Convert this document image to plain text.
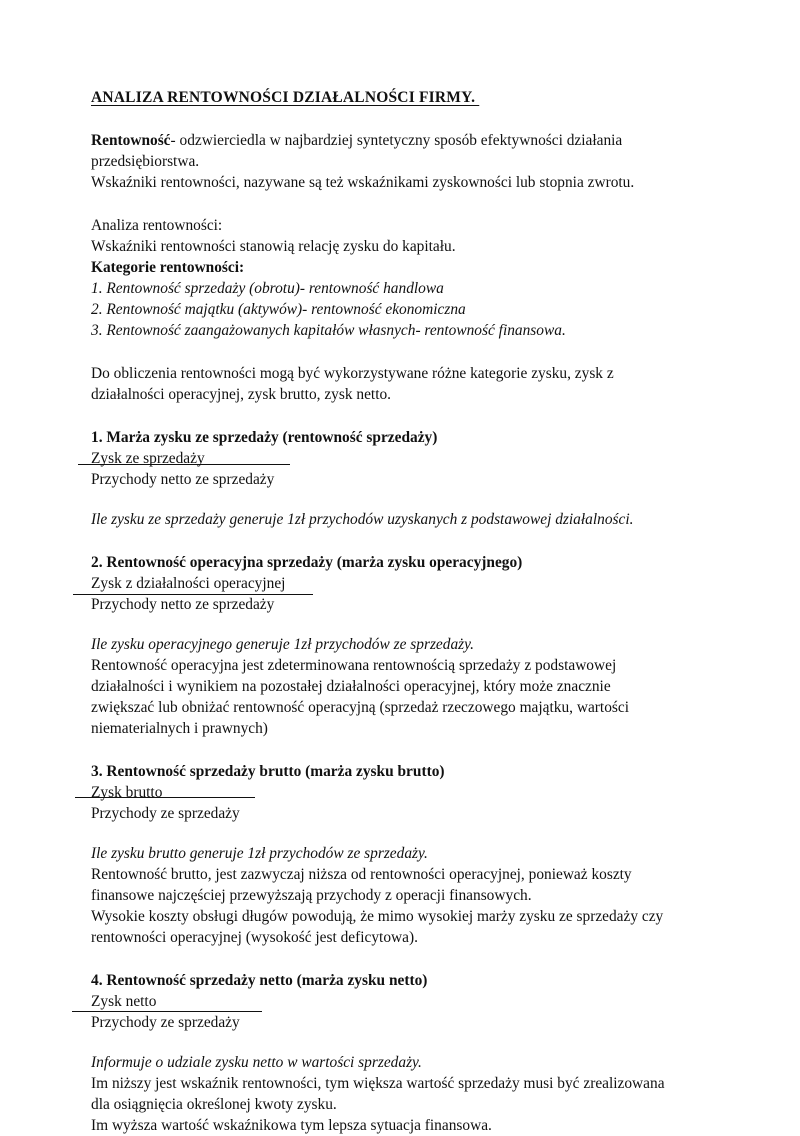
ANALIZA RENTOWNOŚCI DZIAŁALNOŚCI FIRMY.

Rentowność- odzwierciedla w najbardziej syntetyczny sposób efektywności działania

przedsiębiorstwa.

Wskaźniki rentowności, nazywane są też wskaźnikami zyskowności lub stopnia zwrotu.

Analiza rentowności:

Wskaźniki rentowności stanowią relację zysku do kapitału.

Kategorie rentowności:

1. Rentowność sprzedaży (obrotu)- rentowność handlowa

2. Rentowność majątku (aktywów)- rentowność ekonomiczna

3. Rentowność zaangażowanych kapitałów własnych- rentowność finansowa.

Do obliczenia rentowności mogą być wykorzystywane różne kategorie zysku, zysk z

działalności operacyjnej, zysk brutto, zysk netto.

1. Marża zysku ze sprzedaży (rentowność sprzedaży)

Zysk ze sprzedaży

Przychody netto ze sprzedaży

Ile zysku ze sprzedaży generuje 1zł przychodów uzyskanych z podstawowej działalności.

2. Rentowność operacyjna sprzedaży (marża zysku operacyjnego)

Zysk z działalności operacyjnej

Przychody netto ze sprzedaży

Ile zysku operacyjnego generuje 1zł przychodów ze sprzedaży.

Rentowność operacyjna jest zdeterminowana rentownością sprzedaży z podstawowej

działalności i wynikiem na pozostałej działalności operacyjnej, który może znacznie

zwiększać lub obniżać rentowność operacyjną (sprzedaż rzeczowego majątku, wartości

niematerialnych i prawnych)

3. Rentowność sprzedaży brutto (marża zysku brutto)

Zysk brutto

Przychody ze sprzedaży

Ile zysku brutto generuje 1zł przychodów ze sprzedaży.

Rentowność brutto, jest zazwyczaj niższa od rentowności operacyjnej, ponieważ koszty

finansowe najczęściej przewyższają przychody z operacji finansowych.

Wysokie koszty obsługi długów powodują, że mimo wysokiej marży zysku ze sprzedaży czy

rentowności operacyjnej (wysokość jest deficytowa).

4. Rentowność sprzedaży netto (marża zysku netto)

Zysk netto

Przychody ze sprzedaży

Informuje o udziale zysku netto w wartości sprzedaży.

Im niższy jest wskaźnik rentowności, tym większa wartość sprzedaży musi być zrealizowana

dla osiągnięcia określonej kwoty zysku.

Im wyższa wartość wskaźnikowa tym lepsza sytuacja finansowa.
